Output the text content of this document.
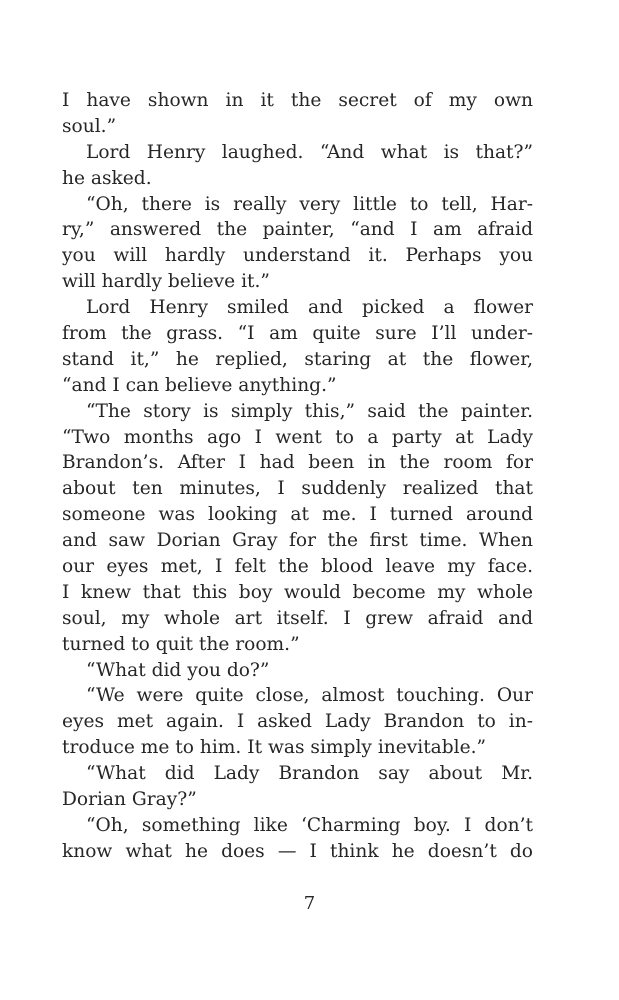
I have shown in it the secret of my own
soul.”
Lord Henry laughed. “And what is that?”
he asked.
“Oh, there is really very little to tell, Har-
ry,” answered the painter, “and I am afraid
you will hardly understand it. Perhaps you
will hardly believe it.”
Lord Henry smiled and picked a flower
from the grass. “I am quite sure I’ll under-
stand it,” he replied, staring at the flower,
“and I can believe anything.”
“The story is simply this,” said the painter.
“Two months ago I went to a party at Lady
Brandon’s. After I had been in the room for
about ten minutes, I suddenly realized that
someone was looking at me. I turned around
and saw Dorian Gray for the first time. When
our eyes met, I felt the blood leave my face.
I knew that this boy would become my whole
soul, my whole art itself. I grew afraid and
turned to quit the room.”
“What did you do?”
“We were quite close, almost touching. Our
eyes met again. I asked Lady Brandon to in-
troduce me to him. It was simply inevitable.”
“What did Lady Brandon say about Mr.
Dorian Gray?”
“Oh, something like ‘Charming boy. I don’t
know what he does — I think he doesn’t do
7
